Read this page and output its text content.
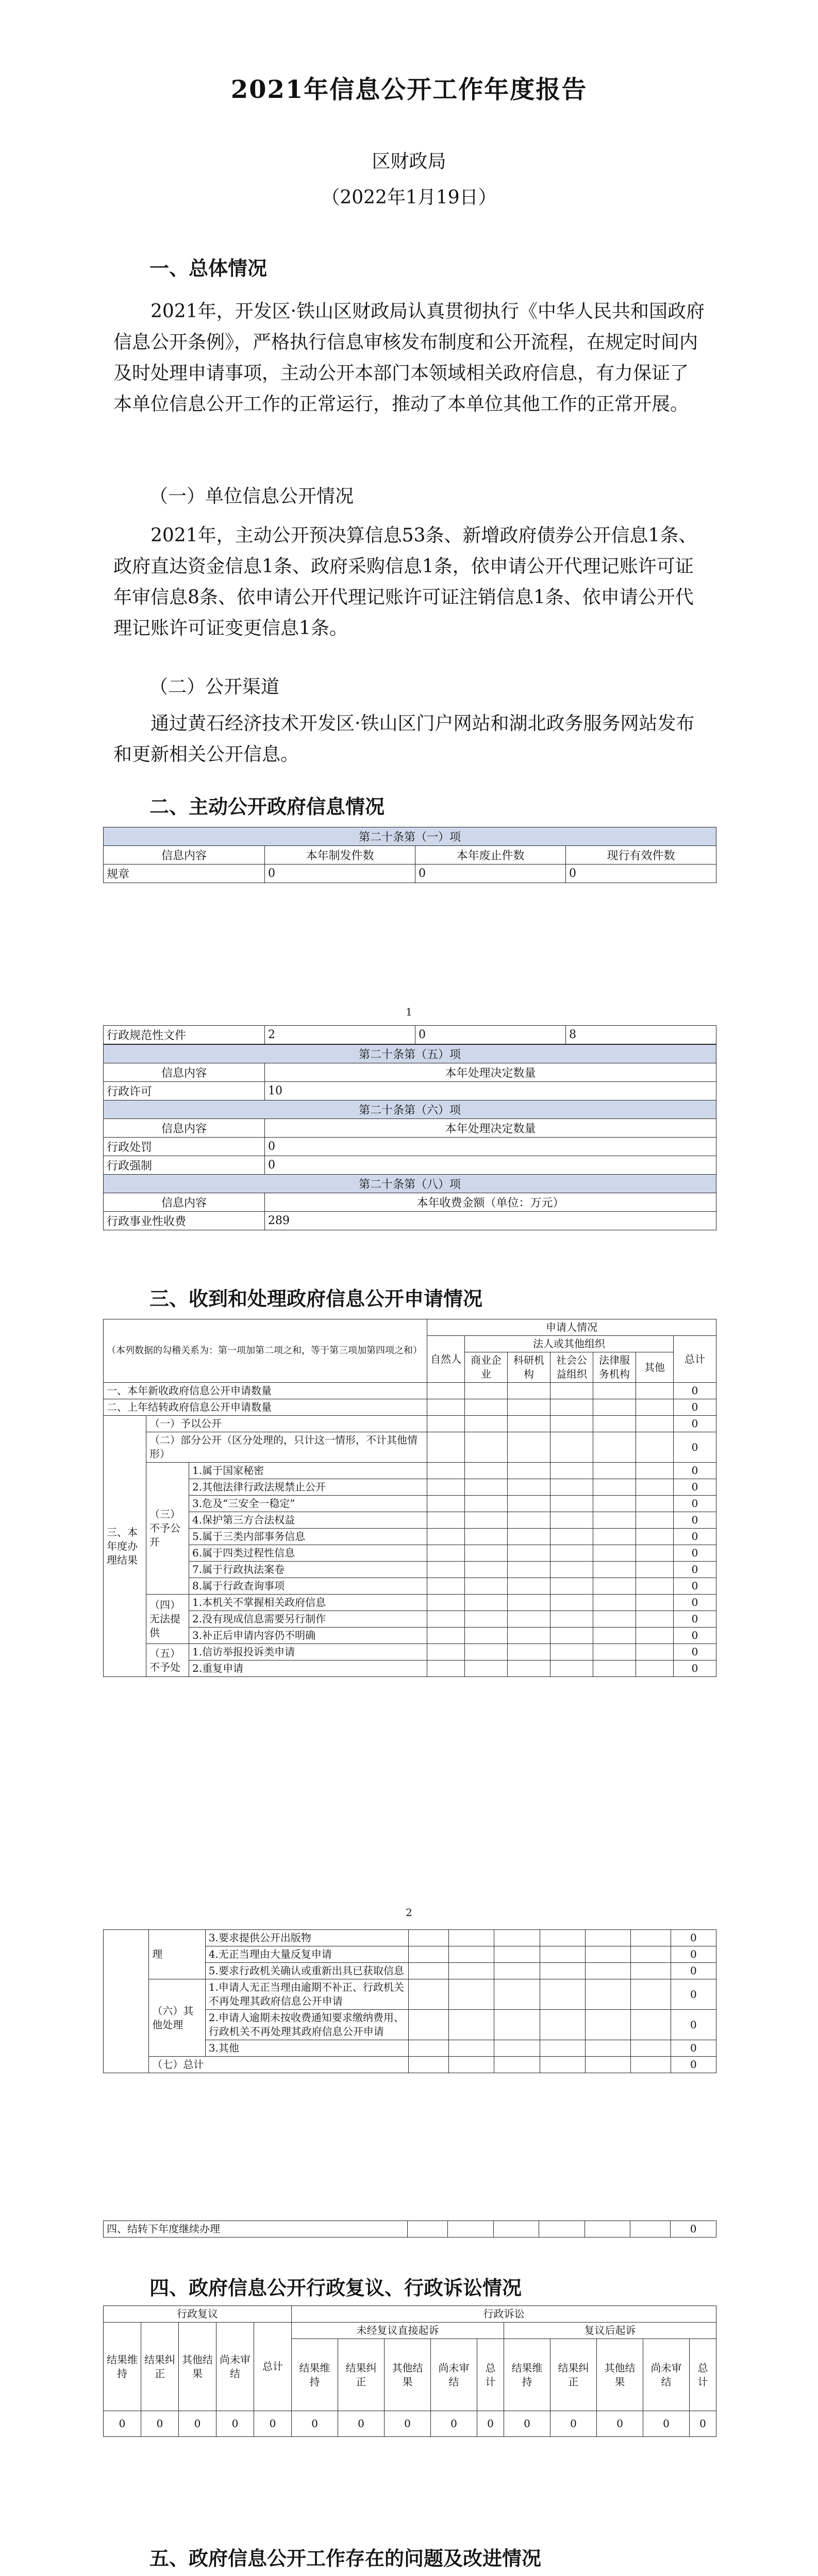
2021年信息公开工作年度报告
区财政局
（2022年1月19日）
一、总体情况
2021年，开发区·铁山区财政局认真贯彻执行《中华人民共和国政府信息公开条例》，严格执行信息审核发布制度和公开流程，在规定时间内及时处理申请事项，主动公开本部门本领域相关政府信息，有力保证了本单位信息公开工作的正常运行，推动了本单位其他工作的正常开展。
（一）单位信息公开情况
2021年，主动公开预决算信息53条、新增政府债券公开信息1条、政府直达资金信息1条、政府采购信息1条，依申请公开代理记账许可证年审信息8条、依申请公开代理记账许可证注销信息1条、依申请公开代理记账许可证变更信息1条。
（二）公开渠道
通过黄石经济技术开发区·铁山区门户网站和湖北政务服务网站发布和更新相关公开信息。
二、主动公开政府信息情况
第二十条第（一）项			
信息内容	本年制发件数	本年废止件数	现行有效件数
规章	0	0	0
1
行政规范性文件	2	0	8
第二十条第（五）项	
信息内容	本年处理决定数量
行政许可	10
第二十条第（六）项	
信息内容	本年处理决定数量
行政处罚	0
行政强制	0
第二十条第（八）项	
信息内容	本年收费金额（单位：万元）
行政事业性收费	289
三、收到和处理政府信息公开申请情况
（本列数据的勾稽关系为：第一项加第二项之和，等于第三项加第四项之和）			申请人情况						
			自然人	法人或其他组织					总计
				商业企业	科研机构	社会公益组织	法律服务机构	其他	
一、本年新收政府信息公开申请数量									0
二、上年结转政府信息公开申请数量									0
三、本年度办理结果	（一）予以公开								0
	（二）部分公开（区分处理的，只计这一情形，不计其他情形）								0
	（三）不予公开	1.属于国家秘密							0
		2.其他法律行政法规禁止公开							0
		3.危及“三安全一稳定”							0
		4.保护第三方合法权益							0
		5.属于三类内部事务信息							0
		6.属于四类过程性信息							0
		7.属于行政执法案卷							0
		8.属于行政查询事项							0
	（四）无法提供	1.本机关不掌握相关政府信息							0
		2.没有现成信息需要另行制作							0
		3.补正后申请内容仍不明确							0
	（五）不予处	1.信访举报投诉类申请							0
		2.重复申请							0
2
	理	3.要求提供公开出版物							0
		4.无正当理由大量反复申请							0
		5.要求行政机关确认或重新出具已获取信息							0
	（六）其他处理	1.申请人无正当理由逾期不补正、行政机关不再处理其政府信息公开申请							0
		2.申请人逾期未按收费通知要求缴纳费用、行政机关不再处理其政府信息公开申请							0
		3.其他							0
	（七）总计								0
四、结转下年度继续办理							0
四、政府信息公开行政复议、行政诉讼情况
行政复议					行政诉讼									
结果维持	结果纠正	其他结果	尚未审结	总计	未经复议直接起诉					复议后起诉				
					结果维持	结果纠正	其他结果	尚未审结	总计	结果维持	结果纠正	其他结果	尚未审结	总计
0	0	0	0	0	0	0	0	0	0	0	0	0	0	0
五、政府信息公开工作存在的问题及改进情况
